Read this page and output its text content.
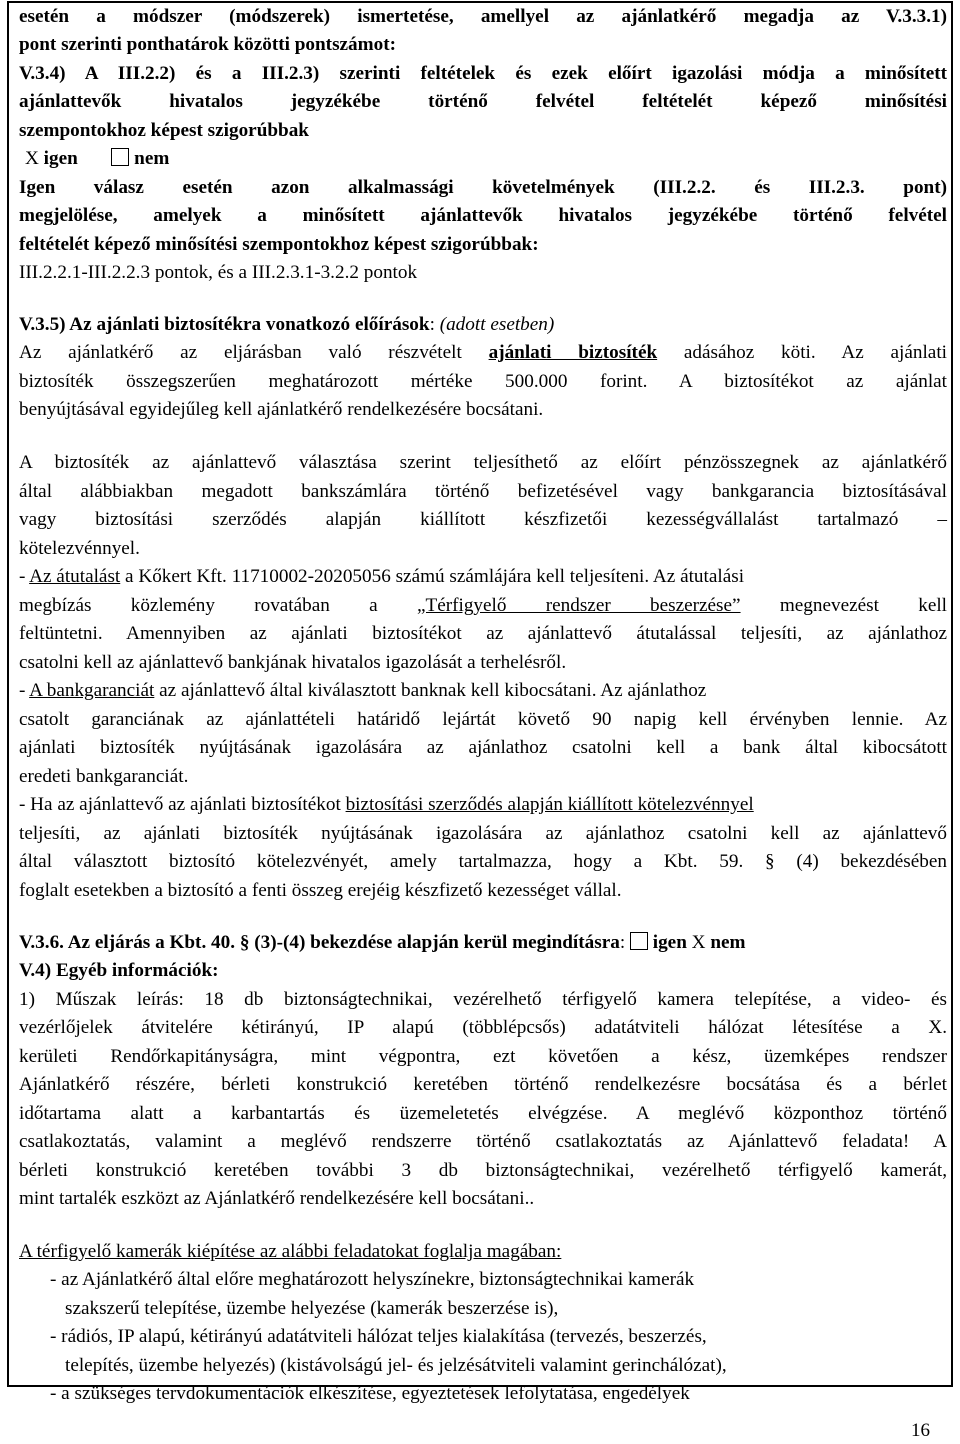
esetén a módszer (módszerek) ismertetése, amellyel az ajánlatkérő megadja az V.3.3.1)
pont szerinti ponthatárok közötti pontszámot:
V.3.4) A III.2.2) és a III.2.3) szerinti feltételek és ezek előírt igazolási módja a minősített
ajánlattevők hivatalos jegyzékébe történő felvétel feltételét képező minősítési
szempontokhoz képest szigorúbbak
X igen	nem
Igen válasz esetén azon alkalmassági követelmények (III.2.2. és III.2.3. pont)
megjelölése, amelyek a minősített ajánlattevők hivatalos jegyzékébe történő felvétel
feltételét képező minősítési szempontokhoz képest szigorúbbak:
III.2.2.1-III.2.2.3 pontok, és a III.2.3.1-3.2.2 pontok
V.3.5) Az ajánlati biztosítékra vonatkozó előírások: (adott esetben)
Az ajánlatkérő az eljárásban való részvételt ajánlati biztosíték adásához köti. Az ajánlati
biztosíték összegszerűen meghatározott mértéke 500.000 forint. A biztosítékot az ajánlat
benyújtásával egyidejűleg kell ajánlatkérő rendelkezésére bocsátani.
A biztosíték az ajánlattevő választása szerint teljesíthető az előírt pénzösszegnek az ajánlatkérő
által alábbiakban megadott bankszámlára történő befizetésével vagy bankgarancia biztosításával
vagy biztosítási szerződés alapján kiállított készfizetői kezességvállalást tartalmazó –
kötelezvénnyel.
- Az átutalást a Kőkert Kft. 11710002-20205056 számú számlájára kell teljesíteni. Az átutalási
megbízás közlemény rovatában a „Térfigyelő rendszer beszerzése” megnevezést kell
feltüntetni. Amennyiben az ajánlati biztosítékot az ajánlattevő átutalással teljesíti, az ajánlathoz
csatolni kell az ajánlattevő bankjának hivatalos igazolását a terhelésről.
- A bankgaranciát az ajánlattevő által kiválasztott banknak kell kibocsátani. Az ajánlathoz
csatolt garanciának az ajánlattételi határidő lejártát követő 90 napig kell érvényben lennie. Az
ajánlati biztosíték nyújtásának igazolására az ajánlathoz csatolni kell a bank által kibocsátott
eredeti bankgaranciát.
- Ha az ajánlattevő az ajánlati biztosítékot biztosítási szerződés alapján kiállított kötelezvénnyel
teljesíti, az ajánlati biztosíték nyújtásának igazolására az ajánlathoz csatolni kell az ajánlattevő
által választott biztosító kötelezvényét, amely tartalmazza, hogy a Kbt. 59. § (4) bekezdésében
foglalt esetekben a biztosító a fenti összeg erejéig készfizető kezességet vállal.
V.3.6. Az eljárás a Kbt. 40. § (3)-(4) bekezdése alapján kerül megindításra: igen X nem
V.4) Egyéb információk:
1) Műszak leírás: 18 db biztonságtechnikai, vezérelhető térfigyelő kamera telepítése, a video- és
vezérlőjelek átvitelére kétirányú, IP alapú (többlépcsős) adatátviteli hálózat létesítése a X.
kerületi Rendőrkapitányságra, mint végpontra, ezt követően a kész, üzemképes rendszer
Ajánlatkérő részére, bérleti konstrukció keretében történő rendelkezésre bocsátása és a bérlet
időtartama alatt a karbantartás és üzemeletetés elvégzése. A meglévő központhoz történő
csatlakoztatás, valamint a meglévő rendszerre történő csatlakoztatás az Ajánlattevő feladata! A
bérleti konstrukció keretében további 3 db biztonságtechnikai, vezérelhető térfigyelő kamerát,
mint tartalék eszközt az Ajánlatkérő rendelkezésére kell bocsátani..
A térfigyelő kamerák kiépítése az alábbi feladatokat foglalja magában:
- az Ajánlatkérő által előre meghatározott helyszínekre, biztonságtechnikai kamerák
szakszerű telepítése, üzembe helyezése (kamerák beszerzése is),
- rádiós, IP alapú, kétirányú adatátviteli hálózat teljes kialakítása (tervezés, beszerzés,
telepítés, üzembe helyezés) (kistávolságú jel- és jelzésátviteli valamint gerinchálózat),
- a szükséges tervdokumentációk elkészítése, egyeztetések lefolytatása, engedélyek
16
